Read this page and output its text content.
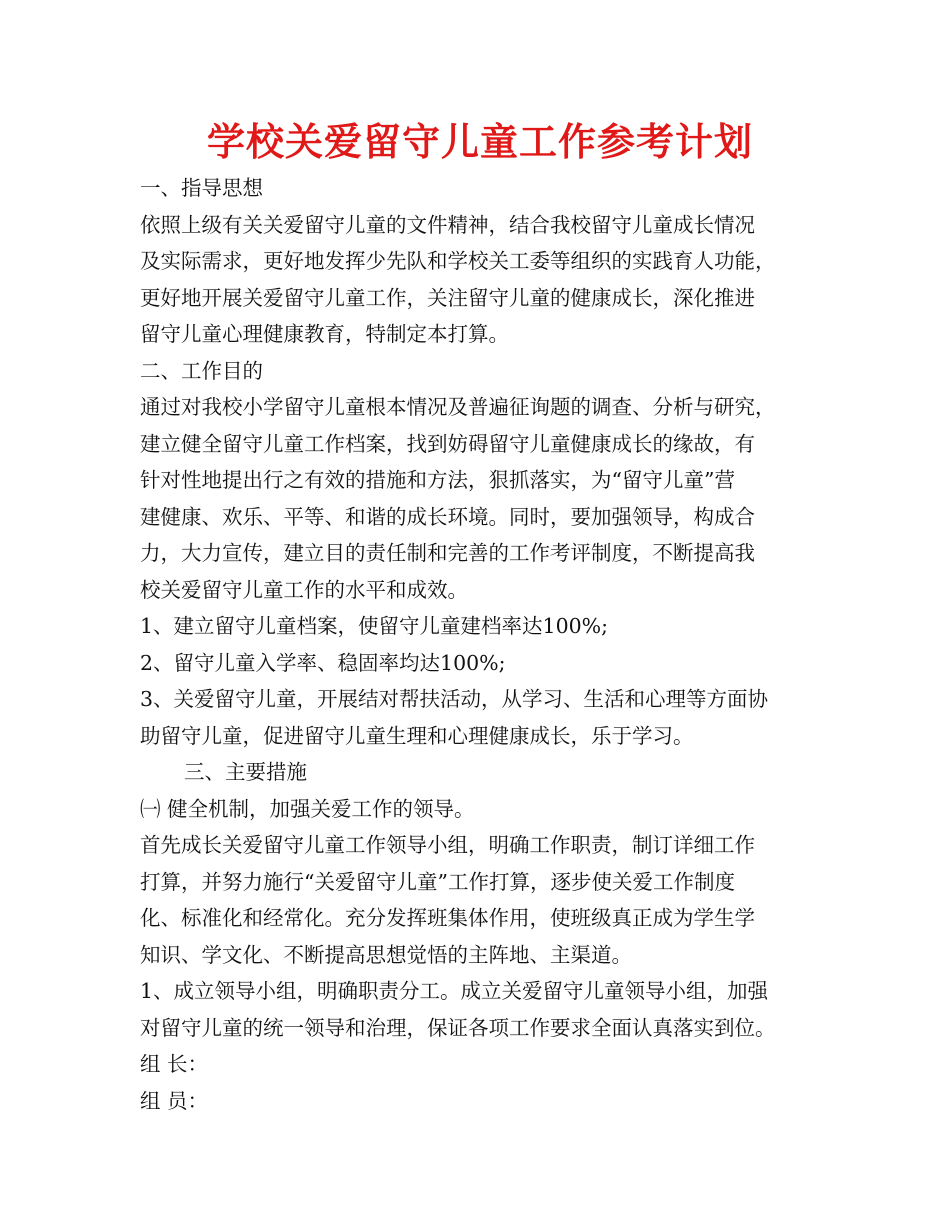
学校关爱留守儿童工作参考计划

一、指导思想

依照上级有关关爱留守儿童的文件精神，结合我校留守儿童成长情况

及实际需求，更好地发挥少先队和学校关工委等组织的实践育人功能，

更好地开展关爱留守儿童工作，关注留守儿童的健康成长，深化推进

留守儿童心理健康教育，特制定本打算。

二、工作目的

通过对我校小学留守儿童根本情况及普遍征询题的调查、分析与研究，

建立健全留守儿童工作档案，找到妨碍留守儿童健康成长的缘故，有

针对性地提出行之有效的措施和方法，狠抓落实，为“留守儿童”营

建健康、欢乐、平等、和谐的成长环境。同时，要加强领导，构成合

力，大力宣传，建立目的责任制和完善的工作考评制度，不断提高我

校关爱留守儿童工作的水平和成效。

1、建立留守儿童档案，使留守儿童建档率达100%;

2、留守儿童入学率、稳固率均达100%;

3、关爱留守儿童，开展结对帮扶活动，从学习、生活和心理等方面协

助留守儿童，促进留守儿童生理和心理健康成长，乐于学习。

三、主要措施

㈠ 健全机制，加强关爱工作的领导。

首先成长关爱留守儿童工作领导小组，明确工作职责，制订详细工作

打算，并努力施行“关爱留守儿童”工作打算，逐步使关爱工作制度

化、标准化和经常化。充分发挥班集体作用，使班级真正成为学生学

知识、学文化、不断提高思想觉悟的主阵地、主渠道。

1、成立领导小组，明确职责分工。成立关爱留守儿童领导小组，加强

对留守儿童的统一领导和治理，保证各项工作要求全面认真落实到位。

组 长：

组 员：
